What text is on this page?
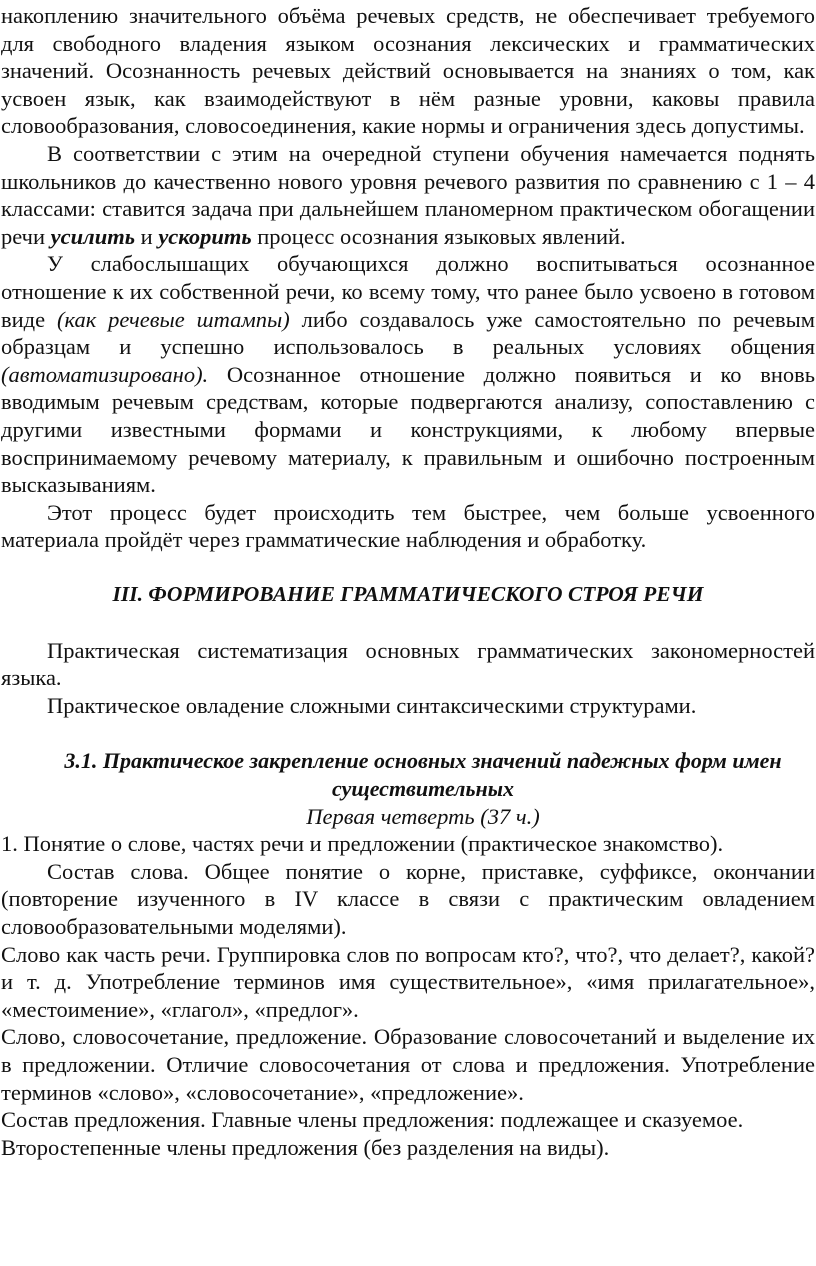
накоплению значительного объёма речевых средств, не обеспечивает требуемого для свободного владения языком осознания лексических и грамматических значений. Осознанность речевых действий основывается на знаниях о том, как усвоен язык, как взаимодействуют в нём разные уровни, каковы правила словообразования, словосоединения, какие нормы и ограничения здесь допустимы.

В соответствии с этим на очередной ступени обучения намечается поднять школьников до качественно нового уровня речевого развития по сравнению с 1 – 4 классами: ставится задача при дальнейшем планомерном практическом обогащении речи усилить и ускорить процесс осознания языковых явлений.

У слабослышащих обучающихся должно воспитываться осознанное отношение к их собственной речи, ко всему тому, что ранее было усвоено в готовом виде (как речевые штампы) либо создавалось уже самостоятельно по речевым образцам и успешно использовалось в реальных условиях общения (автоматизировано). Осознанное отношение должно появиться и ко вновь вводимым речевым средствам, которые подвергаются анализу, сопоставлению с другими известными формами и конструкциями, к любому впервые воспринимаемому речевому материалу, к правильным и ошибочно построенным высказываниям.

Этот процесс будет происходить тем быстрее, чем больше усвоенного материала пройдёт через грамматические наблюдения и обработку.

III. ФОРМИРОВАНИЕ ГРАММАТИЧЕСКОГО СТРОЯ РЕЧИ

Практическая систематизация основных грамматических закономерностей языка.

Практическое овладение сложными синтаксическими структурами.

3.1. Практическое закрепление основных значений падежных форм имен существительных
Первая четверть (37 ч.)

1. Понятие о слове, частях речи и предложении (практическое знакомство).

Состав слова. Общее понятие о корне, приставке, суффиксе, окончании (повторение изученного в IV классе в связи с практическим овладением словообразовательными моделями).

Слово как часть речи. Группировка слов по вопросам кто?, что?, что делает?, какой? и т. д. Употребление терминов имя существительное», «имя прилагательное», «местоимение», «глагол», «предлог».

Слово, словосочетание, предложение. Образование словосочетаний и выделение их в предложении. Отличие словосочетания от слова и предложения. Употребление терминов «слово», «словосочетание», «предложение».

Состав предложения. Главные члены предложения: подлежащее и сказуемое.

Второстепенные члены предложения (без разделения на виды).
